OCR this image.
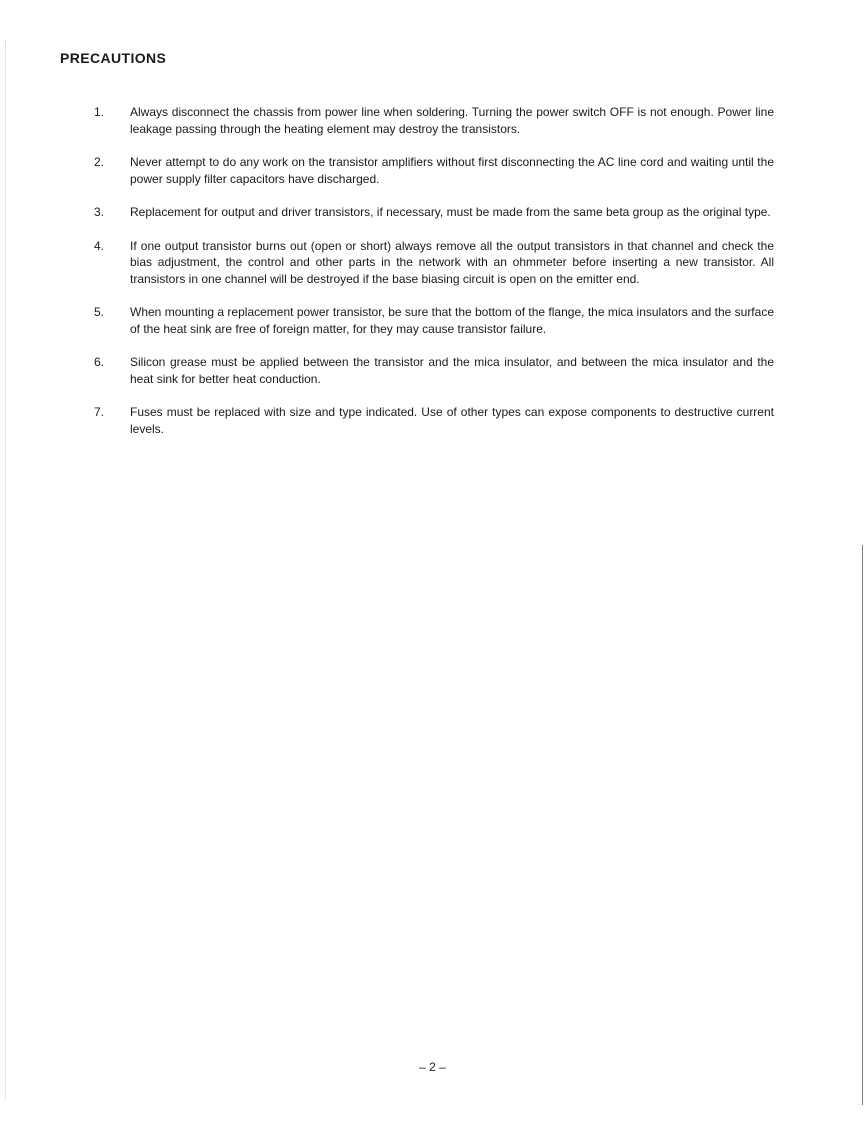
PRECAUTIONS
1. Always disconnect the chassis from power line when soldering. Turning the power switch OFF is not enough. Power line leakage passing through the heating element may destroy the transistors.
2. Never attempt to do any work on the transistor amplifiers without first disconnecting the AC line cord and waiting until the power supply filter capacitors have discharged.
3. Replacement for output and driver transistors, if necessary, must be made from the same beta group as the original type.
4. If one output transistor burns out (open or short) always remove all the output transistors in that channel and check the bias adjustment, the control and other parts in the network with an ohmmeter before inserting a new transistor. All transistors in one channel will be destroyed if the base biasing circuit is open on the emitter end.
5. When mounting a replacement power transistor, be sure that the bottom of the flange, the mica insulators and the surface of the heat sink are free of foreign matter, for they may cause transistor failure.
6. Silicon grease must be applied between the transistor and the mica insulator, and between the mica insulator and the heat sink for better heat conduction.
7. Fuses must be replaced with size and type indicated. Use of other types can expose components to destructive current levels.
– 2 –
